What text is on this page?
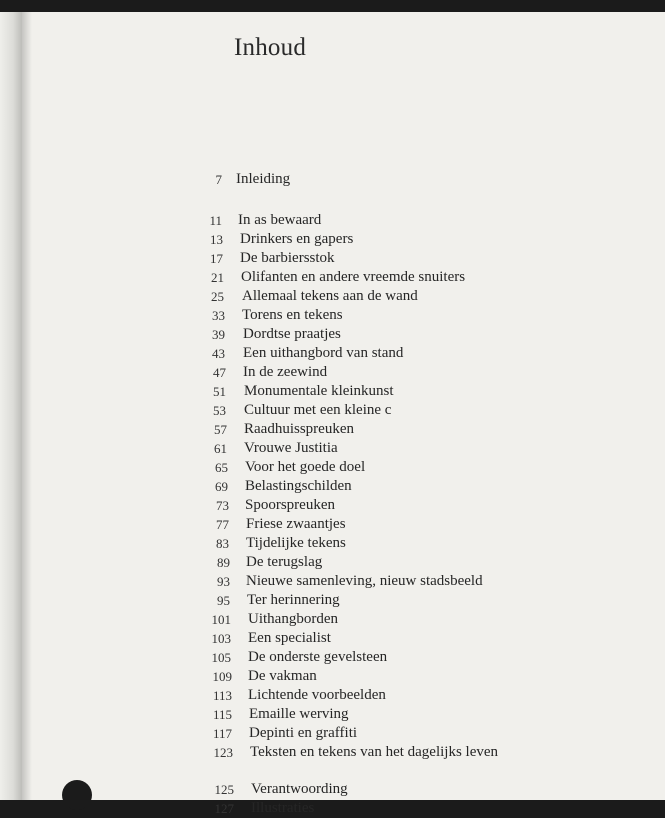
Inhoud
7 Inleiding
11 In as bewaard
13 Drinkers en gapers
17 De barbiersstok
21 Olifanten en andere vreemde snuiters
25 Allemaal tekens aan de wand
33 Torens en tekens
39 Dordtse praatjes
43 Een uithangbord van stand
47 In de zeewind
51 Monumentale kleinkunst
53 Cultuur met een kleine c
57 Raadhuisspreuken
61 Vrouwe Justitia
65 Voor het goede doel
69 Belastingschilden
73 Spoorspreuken
77 Friese zwaantjes
83 Tijdelijke tekens
89 De terugslag
93 Nieuwe samenleving, nieuw stadsbeeld
95 Ter herinnering
101 Uithangborden
103 Een specialist
105 De onderste gevelsteen
109 De vakman
113 Lichtende voorbeelden
115 Emaille werving
117 Depinti en graffiti
123 Teksten en tekens van het dagelijks leven
125 Verantwoording
127 Illustraties
